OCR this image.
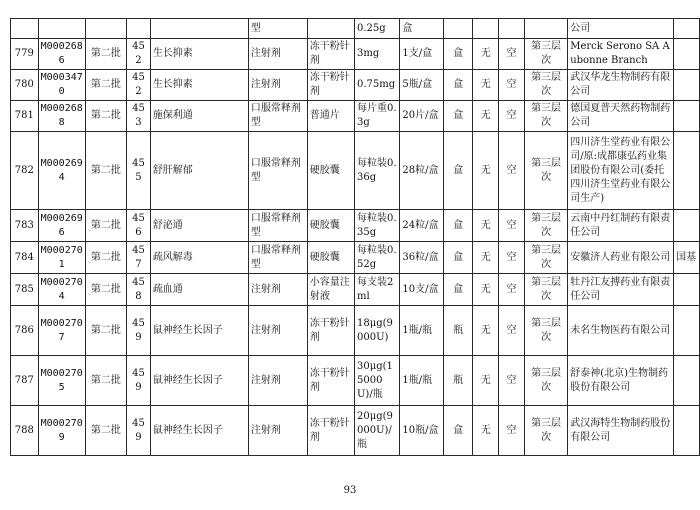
					型		0.25g	盒					公司	
779	M0002686	第二批	452	生长抑素	注射剂	冻干粉针剂	3mg	1支/盒	盒	无	空	第三层次	Merck Serono SA Aubonne Branch	
780	M0003470	第二批	452	生长抑素	注射剂	冻干粉针剂	0.75mg	5瓶/盒	盒	无	空	第三层次	武汉华龙生物制药有限公司	
781	M0002688	第二批	453	施保利通	口服常释剂型	普通片	每片重0.3g	20片/盒	盒	无	空	第三层次	德国夏普天然药物制药公司	
782	M0002694	第二批	455	舒肝解郁	口服常释剂型	硬胶囊	每粒装0.36g	28粒/盒	盒	无	空	第三层次	四川济生堂药业有限公司/原:成都康弘药业集团股份有限公司(委托四川济生堂药业有限公司生产)	
783	M0002696	第二批	456	舒泌通	口服常释剂型	硬胶囊	每粒装0.35g	24粒/盒	盒	无	空	第三层次	云南中丹红制药有限责任公司	
784	M0002701	第二批	457	疏风解毒	口服常释剂型	硬胶囊	每粒装0.52g	36粒/盒	盒	无	空	第三层次	安徽济人药业有限公司	国基
785	M0002704	第二批	458	疏血通	注射剂	小容量注射液	每支装2ml	10支/盒	盒	无	空	第三层次	牡丹江友搏药业有限责任公司	
786	M0002707	第二批	459	鼠神经生长因子	注射剂	冻干粉针剂	18μg(9000U)	1瓶/瓶	瓶	无	空	第三层次	未名生物医药有限公司	
787	M0002705	第二批	459	鼠神经生长因子	注射剂	冻干粉针剂	30μg(15000U)/瓶	1瓶/瓶	瓶	无	空	第三层次	舒泰神(北京)生物制药股份有限公司	
788	M0002709	第二批	459	鼠神经生长因子	注射剂	冻干粉针剂	20μg(9000U)/瓶	10瓶/盒	盒	无	空	第三层次	武汉海特生物制药股份有限公司	
93
